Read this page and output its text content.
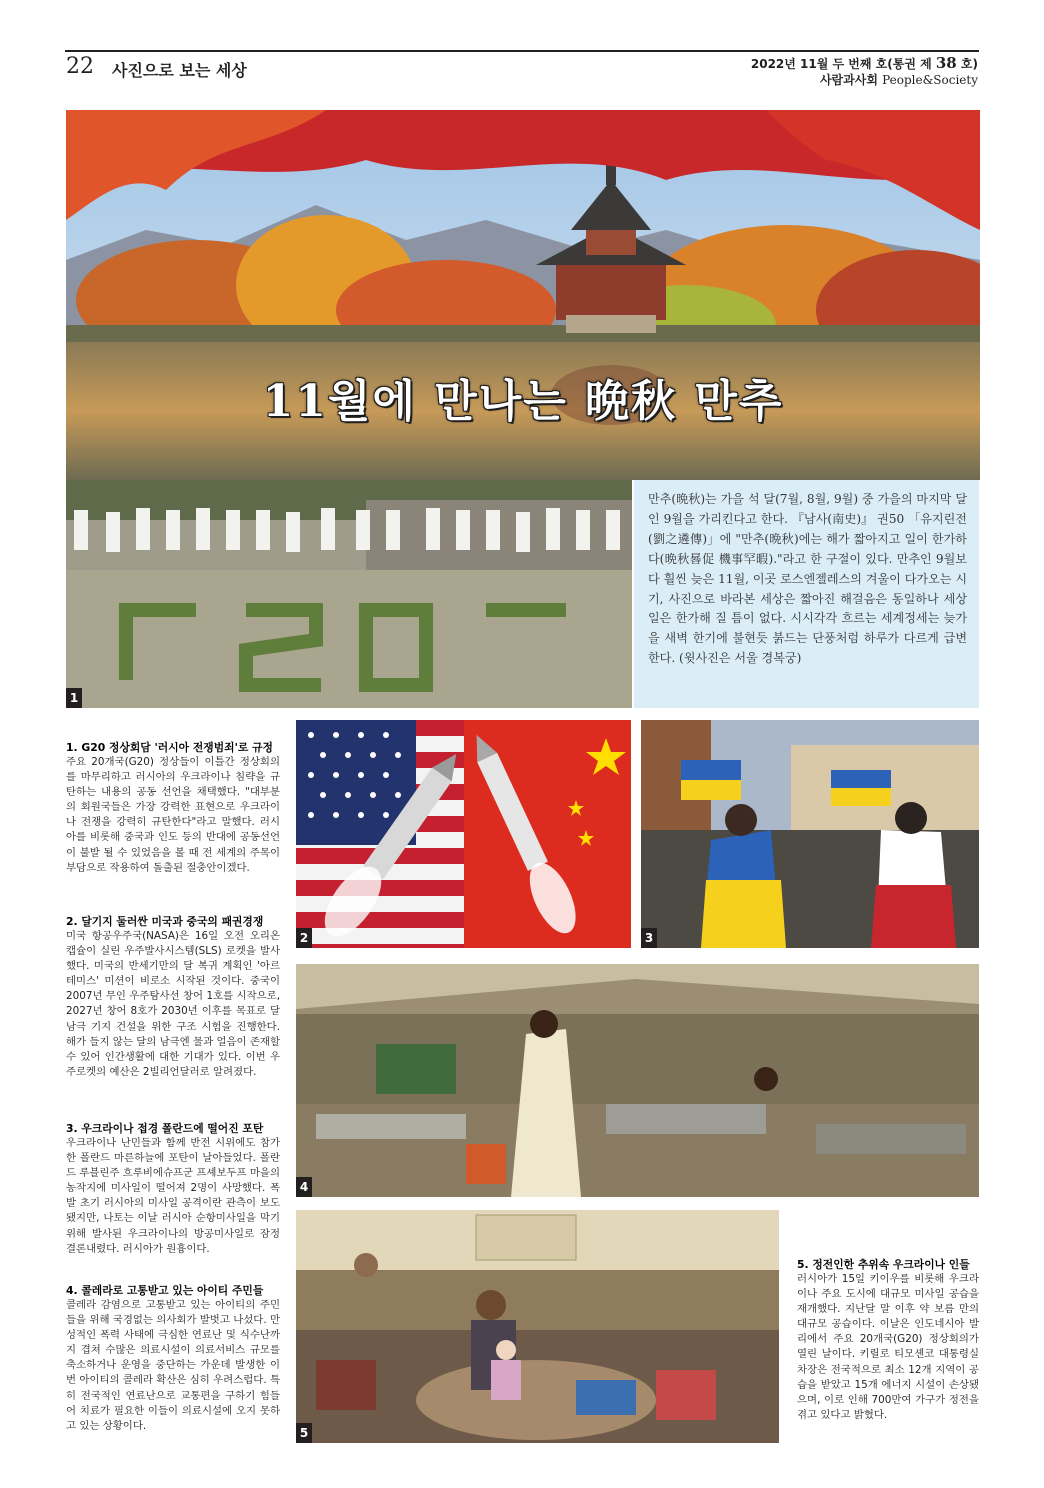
22 사진으로 보는 세상	2022년 11월 두 번째 호(통권 제 38 호)
사람과사회 People&Society
11월에 만나는 晩秋 만추
1
만추(晩秋)는 가을 석 달(7월, 8월, 9월) 중 가을의 마지막 달인 9월을 가리킨다고 한다. 『남사(南史)』 권50 「유지린전(劉之遴傳)」에 "만추(晩秋)에는 해가 짧아지고 일이 한가하다(晩秋晷促 機事罕暇)."라고 한 구절이 있다. 만추인 9월보다 훨씬 늦은 11월, 이곳 로스엔젤레스의 겨울이 다가오는 시기, 사진으로 바라본 세상은 짧아진 해걸음은 동일하나 세상일은 한가해 질 틈이 없다. 시시각각 흐르는 세계정세는 늦가을 새벽 한기에 불현듯 붉드는 단풍처럼 하루가 다르게 급변한다. (윗사진은 서울 경복궁)
2	3
4
5
1. G20 정상회담 '러시아 전쟁범죄'로 규정

주요 20개국(G20) 정상들이 이틀간 정상회의를 마무리하고 러시아의 우크라이나 침략을 규탄하는 내용의 공동 선언을 채택했다. "대부분의 회원국들은 가장 강력한 표현으로 우크라이나 전쟁을 강력히 규탄한다"라고 말했다. 러시아를 비롯해 중국과 인도 등의 반대에 공동선언이 불발 될 수 있었음을 볼 때 전 세계의 주목이 부담으로 작용하여 돌출된 절충안이겠다.

2. 달기지 둘러싼 미국과 중국의 패권경쟁

미국 항공우주국(NASA)은 16일 오전 오리온 캡슐이 실린 우주발사시스템(SLS) 로켓을 발사했다. 미국의 반세기만의 달 복귀 계획인 '아르테미스' 미션이 비로소 시작된 것이다. 중국이 2007년 무인 우주탐사선 창어 1호를 시작으로, 2027년 창어 8호가 2030년 이후를 목표로 달 남극 기지 건설을 위한 구조 시험을 진행한다. 해가 들지 않는 달의 남극엔 물과 얼음이 존재할 수 있어 인간생활에 대한 기대가 있다. 이번 우주로켓의 예산은 2빌리언달러로 알려졌다.

3. 우크라이나 접경 폴란드에 떨어진 포탄

우크라이나 난민들과 함께 반전 시위에도 참가한 폴란드 마른하늘에 포탄이 날아들었다. 폴란드 루블린주 흐루비에슈프군 프셰보두프 마을의 농작지에 미사일이 떨어져 2명이 사망했다. 폭발 초기 러시아의 미사일 공격이란 관측이 보도됐지만, 나토는 이날 러시아 순항미사일을 막기 위해 발사된 우크라이나의 방공미사일로 잠정 결론내렸다. 러시아가 원흉이다.

4. 콜레라로 고통받고 있는 아이티 주민들

콜레라 감염으로 고통받고 있는 아이티의 주민들을 위해 국경없는 의사회가 발벗고 나섰다. 만성적인 폭력 사태에 극심한 연료난 및 식수난까지 겹쳐 수많은 의료시설이 의료서비스 규모를 축소하거나 운영을 중단하는 가운데 발생한 이번 아이티의 콜레라 확산은 심히 우려스럽다. 특히 전국적인 연료난으로 교통편을 구하기 힘들어 치료가 필요한 이들이 의료시설에 오지 못하고 있는 상황이다.

5. 정전인한 추위속 우크라이나 인들

러시아가 15일 키이우를 비롯해 우크라이나 주요 도시에 대규모 미사일 공습을 재개했다. 지난달 말 이후 약 보름 만의 대규모 공습이다. 이날은 인도네시아 발리에서 주요 20개국(G20) 정상회의가 열린 날이다. 키릴로 티모셴코 대통령실 차장은 전국적으로 최소 12개 지역이 공습을 받았고 15개 에너지 시설이 손상됐으며, 이로 인해 700만여 가구가 정전을 겪고 있다고 밝혔다.
